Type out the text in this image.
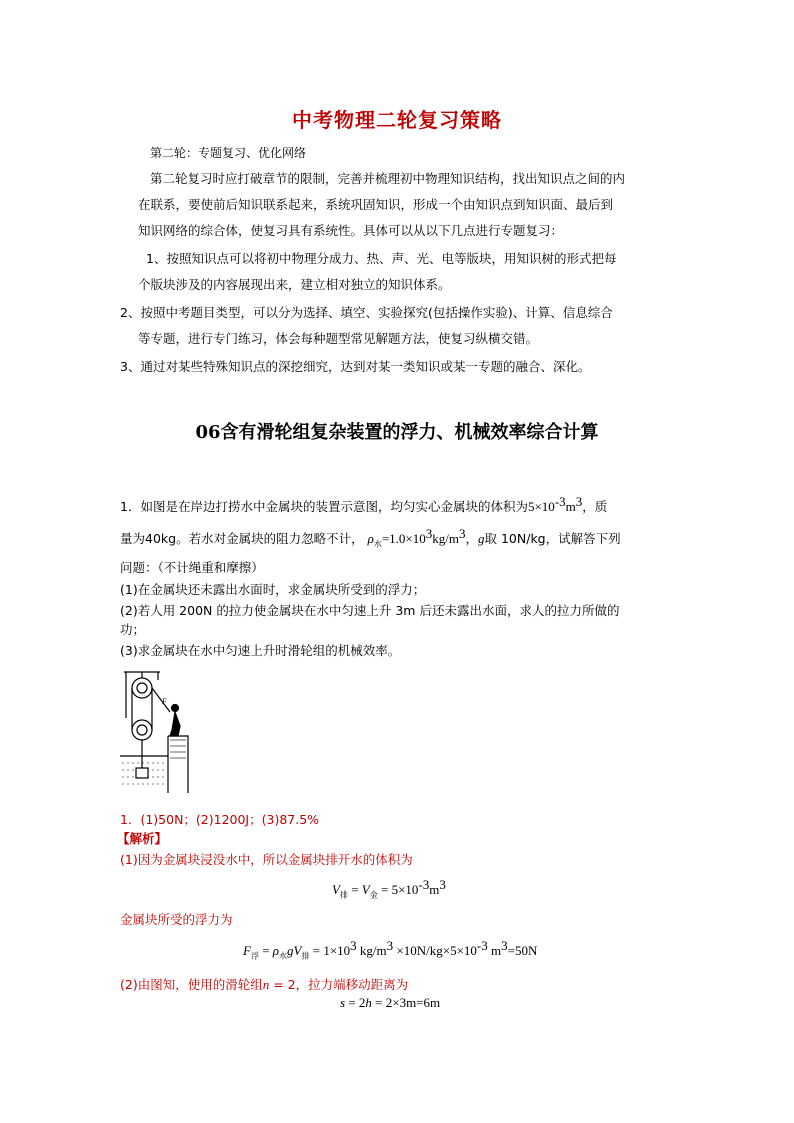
中考物理二轮复习策略
第二轮：专题复习、优化网络
第二轮复习时应打破章节的限制，完善并梳理初中物理知识结构，找出知识点之间的内
在联系，要使前后知识联系起来，系统巩固知识，形成一个由知识点到知识面、最后到
知识网络的综合体，使复习具有系统性。具体可以从以下几点进行专题复习：
1、按照知识点可以将初中物理分成力、热、声、光、电等版块，用知识树的形式把每
个版块涉及的内容展现出来，建立相对独立的知识体系。
2、按照中考题目类型，可以分为选择、填空、实验探究(包括操作实验)、计算、信息综合
等专题，进行专门练习，体会每种题型常见解题方法，使复习纵横交错。
3、通过对某些特殊知识点的深挖细究，达到对某一类知识或某一专题的融合、深化。
06含有滑轮组复杂装置的浮力、机械效率综合计算
1．如图是在岸边打捞水中金属块的装置示意图，均匀实心金属块的体积为$5\times 10^{-3}m^3$，质
量为40kg。若水对金属块的阻力忽略不计， $\rho_水=1.0\times 10^3kg/m^3$，g取 10N/kg，试解答下列
问题：（不计绳重和摩擦）
(1)在金属块还未露出水面时，求金属块所受到的浮力；
(2)若人用 200N 的拉力使金属块在水中匀速上升 3m 后还未露出水面，求人的拉力所做的
功；
(3)求金属块在水中匀速上升时滑轮组的机械效率。
F
1．(1)50N；(2)1200J；(3)87.5%
【解析】
(1)因为金属块浸没水中，所以金属块排开水的体积为
$V_排 = V_金 = 5\times 10^{-3}m^3$
金属块所受的浮力为
$F_浮 = \rho_水gV_排 = 1\times 10^3$ $kg/m^3 \times 10N/kg\times 5\times 10^{-3}$ $m^3=50N$
(2)由图知，使用的滑轮组n = 2，拉力端移动距离为
s = 2h = 2×3m=6m
